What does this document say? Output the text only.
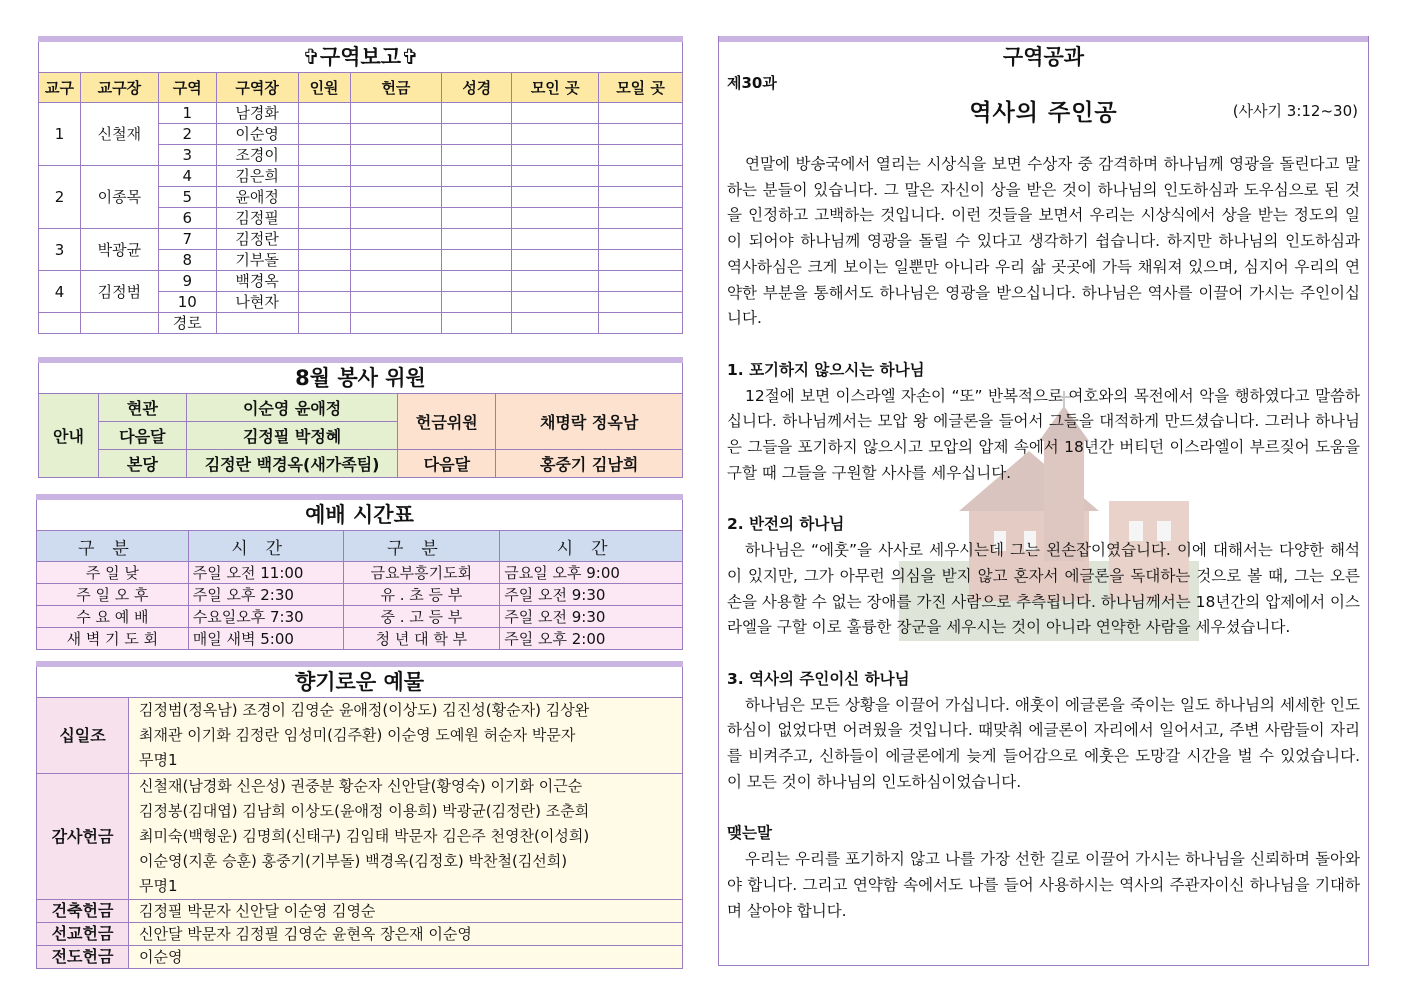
✞구역보고✞
교구	교구장	구역	구역장	인원	헌금	성경	모인 곳	모일 곳
1	신철재	1	남경화					
		2	이순영					
		3	조경이					
2	이종목	4	김은희					
		5	윤애정					
		6	김정필					
3	박광균	7	김정란					
		8	기부돌					
4	김정범	9	백경옥					
		10	나현자					
		경로						
8월 봉사 위원
안내	현관	이순영 윤애정	헌금위원	채명락 정옥남
	다음달	김정필 박정혜		
	본당	김정란 백경옥(새가족팀)	다음달	홍중기 김남희
예배 시간표
구분	시간	구분	시간
주 일 낮	주일 오전 11:00	금요부흥기도회	금요일 오후 9:00
주 일 오 후	주일 오후 2:30	유 . 초 등 부	주일 오전 9:30
수 요 예 배	수요일오후 7:30	중 . 고 등 부	주일 오전 9:30
새 벽 기 도 회	매일 새벽 5:00	청 년 대 학 부	주일 오후 2:00
향기로운 예물
십일조	김정범(정옥남) 조경이 김영순 윤애정(이상도) 김진성(황순자) 김상완
최재관 이기화 김정란 임성미(김주환) 이순영 도예원 허순자 박문자
무명1

감사헌금	신철재(남경화 신은성) 권중분 황순자 신안달(황영숙) 이기화 이근순
김정봉(김대엽) 김남희 이상도(윤애정 이용희) 박광균(김정란) 조춘희
최미숙(백형운) 김명희(신태구) 김임태 박문자 김은주 천영찬(이성희)
이순영(지훈 승훈) 홍중기(기부돌) 백경옥(김정호) 박찬철(김선희)
무명1

건축헌금	김정필 박문자 신안달 이순영 김영순
선교헌금	신안달 박문자 김정필 김영순 윤현옥 장은재 이순영
전도헌금	이순영
구역공과
제30과
역사의 주인공	(사사기 3:12~30)

연말에 방송국에서 열리는 시상식을 보면 수상자 중 감격하며 하나님께 영광을 돌린다고 말하는 분들이 있습니다. 그 말은 자신이 상을 받은 것이 하나님의 인도하심과 도우심으로 된 것을 인정하고 고백하는 것입니다. 이런 것들을 보면서 우리는 시상식에서 상을 받는 정도의 일이 되어야 하나님께 영광을 돌릴 수 있다고 생각하기 쉽습니다. 하지만 하나님의 인도하심과 역사하심은 크게 보이는 일뿐만 아니라 우리 삶 곳곳에 가득 채워져 있으며, 심지어 우리의 연약한 부분을 통해서도 하나님은 영광을 받으십니다. 하나님은 역사를 이끌어 가시는 주인이십니다.

1. 포기하지 않으시는 하나님

12절에 보면 이스라엘 자손이 “또” 반복적으로 여호와의 목전에서 악을 행하였다고 말씀하십니다. 하나님께서는 모압 왕 에글론을 들어서 그들을 대적하게 만드셨습니다. 그러나 하나님은 그들을 포기하지 않으시고 모압의 압제 속에서 18년간 버티던 이스라엘이 부르짖어 도움을 구할 때 그들을 구원할 사사를 세우십니다.

2. 반전의 하나님

하나님은 “에훗”을 사사로 세우시는데 그는 왼손잡이였습니다. 이에 대해서는 다양한 해석이 있지만, 그가 아무런 의심을 받지 않고 혼자서 에글론을 독대하는 것으로 볼 때, 그는 오른 손을 사용할 수 없는 장애를 가진 사람으로 추측됩니다. 하나님께서는 18년간의 압제에서 이스라엘을 구할 이로 훌륭한 장군을 세우시는 것이 아니라 연약한 사람을 세우셨습니다.

3. 역사의 주인이신 하나님

하나님은 모든 상황을 이끌어 가십니다. 애훗이 에글론을 죽이는 일도 하나님의 세세한 인도하심이 없었다면 어려웠을 것입니다. 때맞춰 에글론이 자리에서 일어서고, 주변 사람들이 자리를 비켜주고, 신하들이 에글론에게 늦게 들어감으로 에훗은 도망갈 시간을 벌 수 있었습니다. 이 모든 것이 하나님의 인도하심이었습니다.

맺는말

우리는 우리를 포기하지 않고 나를 가장 선한 길로 이끌어 가시는 하나님을 신뢰하며 돌아와야 합니다. 그리고 연약함 속에서도 나를 들어 사용하시는 역사의 주관자이신 하나님을 기대하며 살아야 합니다.
